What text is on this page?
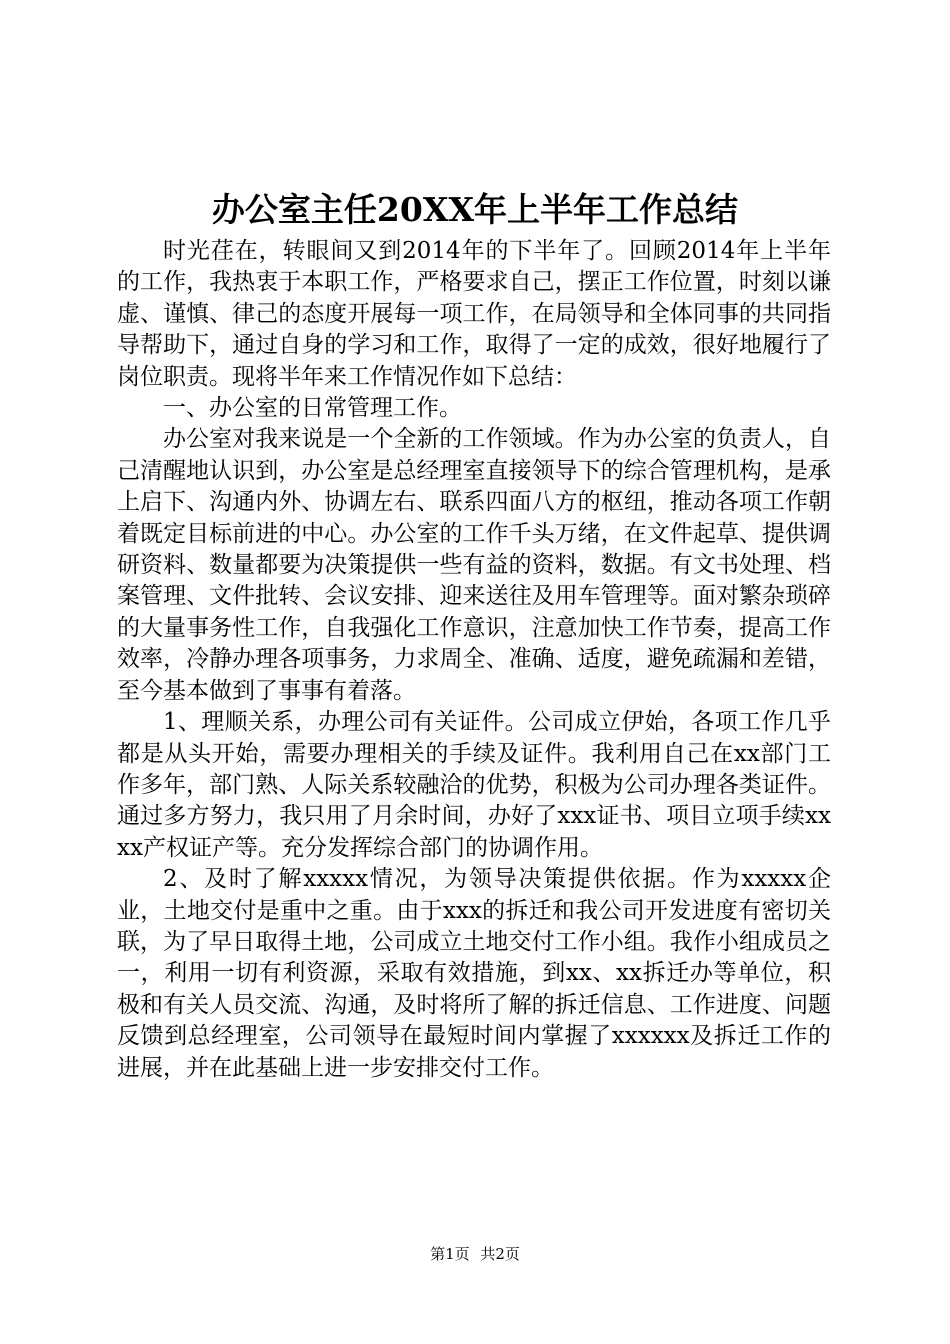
办公室主任20XX年上半年工作总结

时光荏在，转眼间又到2014年的下半年了。回顾2014年上半年的工作，我热衷于本职工作，严格要求自己，摆正工作位置，时刻以谦虚、谨慎、律己的态度开展每一项工作，在局领导和全体同事的共同指导帮助下，通过自身的学习和工作，取得了一定的成效，很好地履行了岗位职责。现将半年来工作情况作如下总结：

一、办公室的日常管理工作。

办公室对我来说是一个全新的工作领域。作为办公室的负责人，自己清醒地认识到，办公室是总经理室直接领导下的综合管理机构，是承上启下、沟通内外、协调左右、联系四面八方的枢纽，推动各项工作朝着既定目标前进的中心。办公室的工作千头万绪，在文件起草、提供调研资料、数量都要为决策提供一些有益的资料，数据。有文书处理、档案管理、文件批转、会议安排、迎来送往及用车管理等。面对繁杂琐碎的大量事务性工作，自我强化工作意识，注意加快工作节奏，提高工作效率，冷静办理各项事务，力求周全、准确、适度，避免疏漏和差错，至今基本做到了事事有着落。

1、理顺关系，办理公司有关证件。公司成立伊始，各项工作几乎都是从头开始，需要办理相关的手续及证件。我利用自己在xx部门工作多年，部门熟、人际关系较融洽的优势，积极为公司办理各类证件。通过多方努力，我只用了月余时间，办好了xxx证书、项目立项手续xxxx产权证产等。充分发挥综合部门的协调作用。

2、及时了解xxxxx情况，为领导决策提供依据。作为xxxxx企业，土地交付是重中之重。由于xxx的拆迁和我公司开发进度有密切关联，为了早日取得土地，公司成立土地交付工作小组。我作小组成员之一，利用一切有利资源，采取有效措施，到xx、xx拆迁办等单位，积极和有关人员交流、沟通，及时将所了解的拆迁信息、工作进度、问题反馈到总经理室，公司领导在最短时间内掌握了xxxxxx及拆迁工作的进展，并在此基础上进一步安排交付工作。

第1页 共2页
